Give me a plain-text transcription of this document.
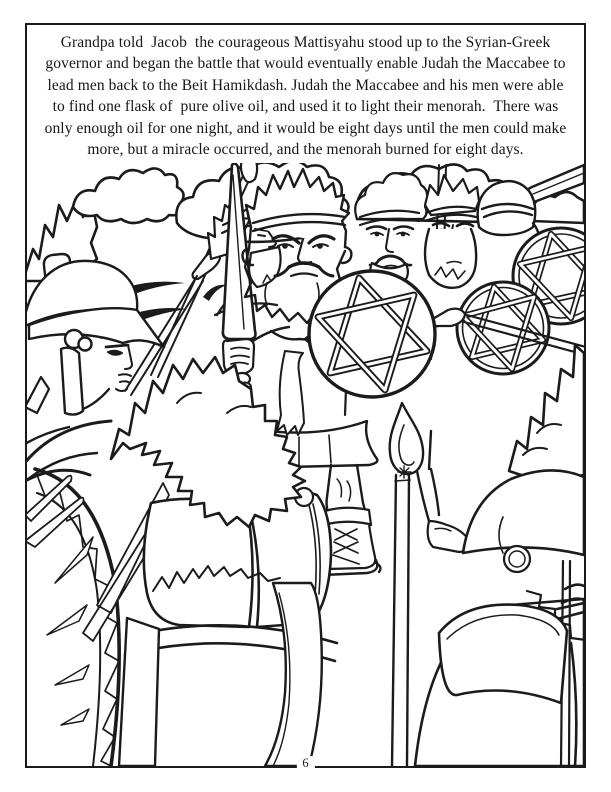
Grandpa told  Jacob  the courageous Mattisyahu stood up to the Syrian-Greek
governor and began the battle that would eventually enable Judah the Maccabee to
lead men back to the Beit Hamikdash. Judah the Maccabee and his men were able
to find one flask of  pure olive oil, and used it to light their menorah.  There was
only enough oil for one night, and it would be eight days until the men could make
more, but a miracle occurred, and the menorah burned for eight days.
6
